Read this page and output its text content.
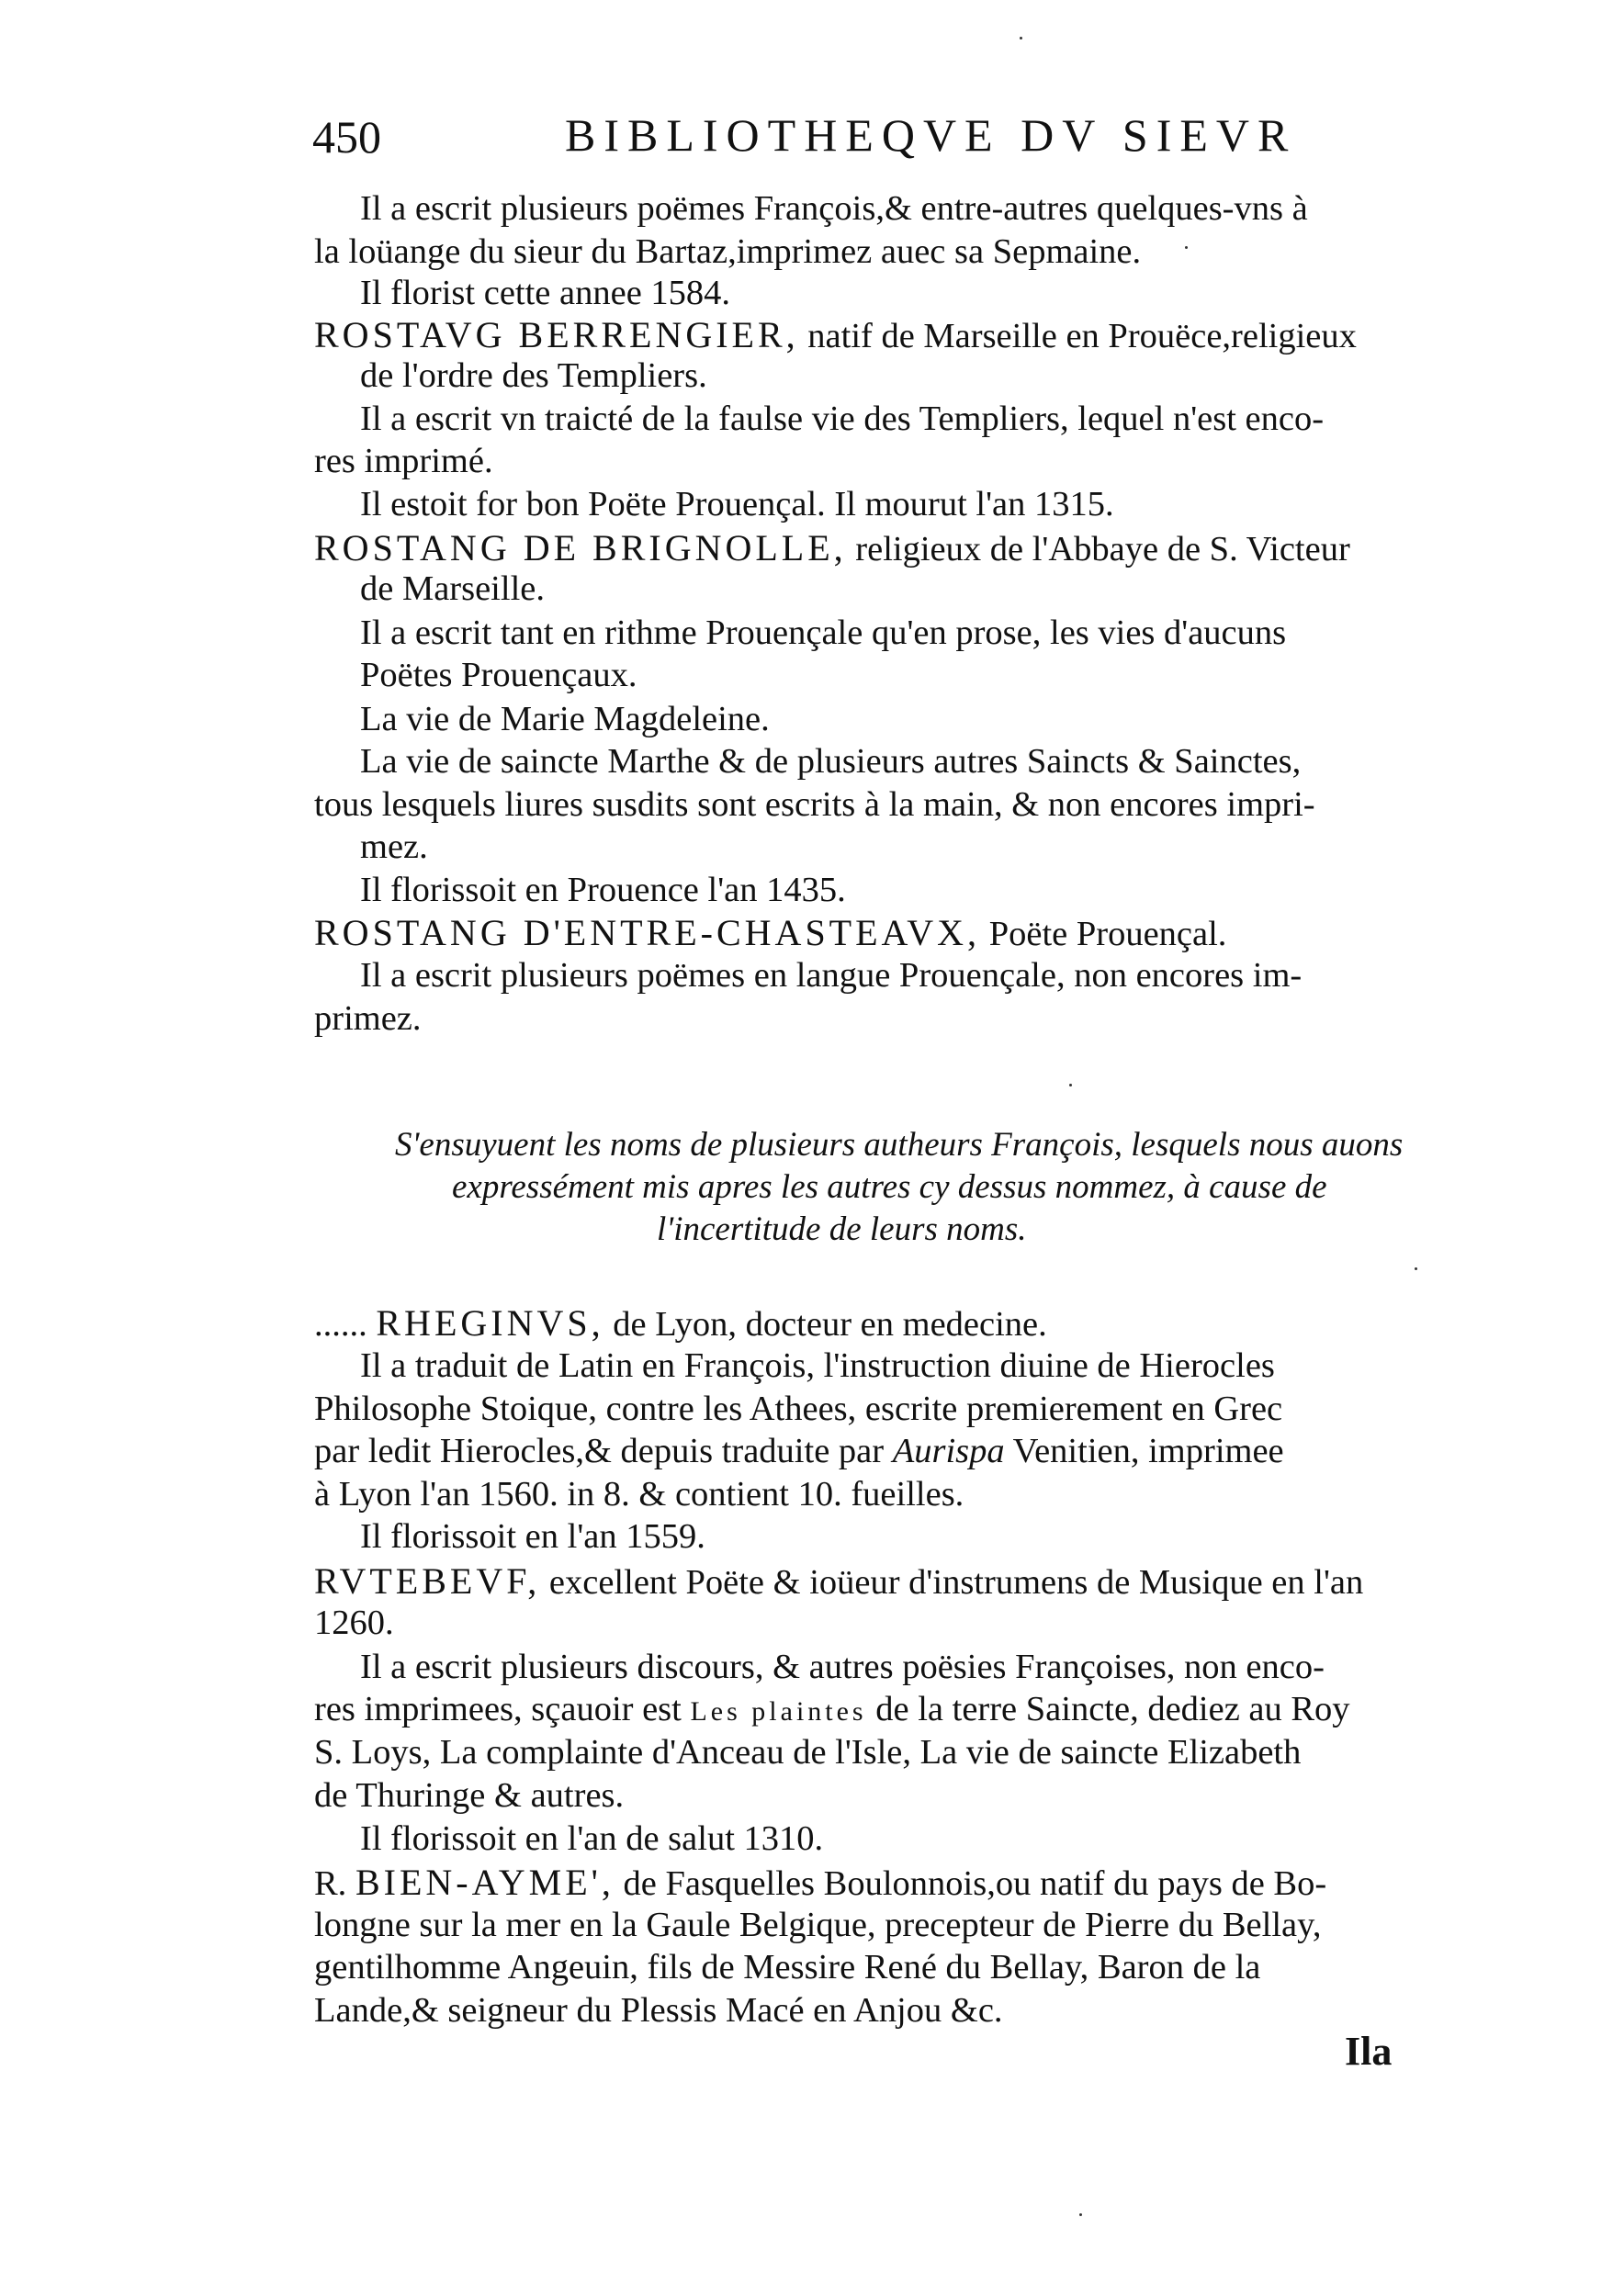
450	BIBLIOTHEQVE DV SIEVR
Il a escrit plusieurs poëmes François,& entre-autres quelques-vns à
la loüange du sieur du Bartaz,imprimez auec sa Sepmaine.
Il florist cette annee 1584.
ROSTAVG BERRENGIER, natif de Marseille en Prouëce,religieux
de l'ordre des Templiers.
Il a escrit vn traicté de la faulse vie des Templiers, lequel n'est enco-
res imprimé.
Il estoit for bon Poëte Prouençal. Il mourut l'an 1315.
ROSTANG DE BRIGNOLLE, religieux de l'Abbaye de S. Victeur
de Marseille.
Il a escrit tant en rithme Prouençale qu'en prose, les vies d'aucuns
Poëtes Prouençaux.
La vie de Marie Magdeleine.
La vie de saincte Marthe & de plusieurs autres Saincts & Sainctes,
tous lesquels liures susdits sont escrits à la main, & non encores impri-
mez.
Il florissoit en Prouence l'an 1435.
ROSTANG D'ENTRE-CHASTEAVX, Poëte Prouençal.
Il a escrit plusieurs poëmes en langue Prouençale, non encores im-
primez.
S'ensuyuent les noms de plusieurs autheurs François, lesquels nous auons
expressément mis apres les autres cy dessus nommez, à cause de
l'incertitude de leurs noms.
...... RHEGINVS, de Lyon, docteur en medecine.
Il a traduit de Latin en François, l'instruction diuine de Hierocles
Philosophe Stoique, contre les Athees, escrite premierement en Grec
par ledit Hierocles,& depuis traduite par Aurispa Venitien, imprimee
à Lyon l'an 1560. in 8. & contient 10. fueilles.
Il florissoit en l'an 1559.
RVTEBEVF, excellent Poëte & ioüeur d'instrumens de Musique en l'an
1260.
Il a escrit plusieurs discours, & autres poësies Françoises, non enco-
res imprimees, sçauoir est Les plaintes de la terre Saincte, dediez au Roy
S. Loys, La complainte d'Anceau de l'Isle, La vie de saincte Elizabeth
de Thuringe & autres.
Il florissoit en l'an de salut 1310.
R. BIEN-AYME', de Fasquelles Boulonnois,ou natif du pays de Bo-
longne sur la mer en la Gaule Belgique, precepteur de Pierre du Bellay,
gentilhomme Angeuin, fils de Messire René du Bellay, Baron de la
Lande,& seigneur du Plessis Macé en Anjou &c.
Ila
